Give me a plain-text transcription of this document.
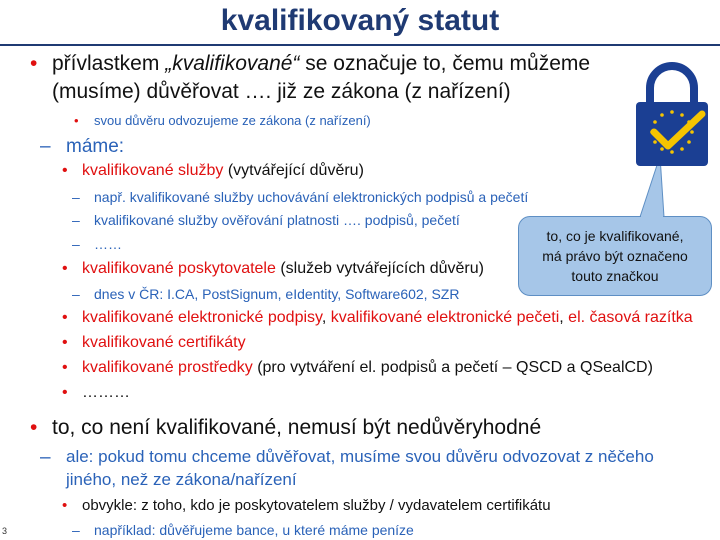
kvalifikovaný statut
• přívlastkem „kvalifikované“ se označuje to, čemu můžeme
(musíme) důvěřovat …. již ze zákona (z nařízení)
• svou důvěru odvozujeme ze zákona (z nařízení)
– máme:
• kvalifikované služby (vytvářející důvěru)
– např. kvalifikované služby uchovávání elektronických podpisů a pečetí
– kvalifikované služby ověřování platnosti …. podpisů, pečetí
– ……
• kvalifikované poskytovatele (služeb vytvářejících důvěru)
– dnes v ČR: I.CA, PostSignum, eIdentity, Software602, SZR
• kvalifikované elektronické podpisy, kvalifikované elektronické pečeti, el. časová razítka
• kvalifikované certifikáty
• kvalifikované prostředky (pro vytváření el. podpisů a pečetí – QSCD a QSealCD)
• ………
• to, co není kvalifikované, nemusí být nedůvěryhodné
– ale: pokud tomu chceme důvěřovat, musíme svou důvěru odvozovat z něčeho
jiného, než ze zákona/nařízení
• obvykle: z toho, kdo je poskytovatelem služby / vydavatelem certifikátu
– například: důvěřujeme bance, u které máme peníze
3
to, co je kvalifikované,
má právo být označeno
touto značkou
